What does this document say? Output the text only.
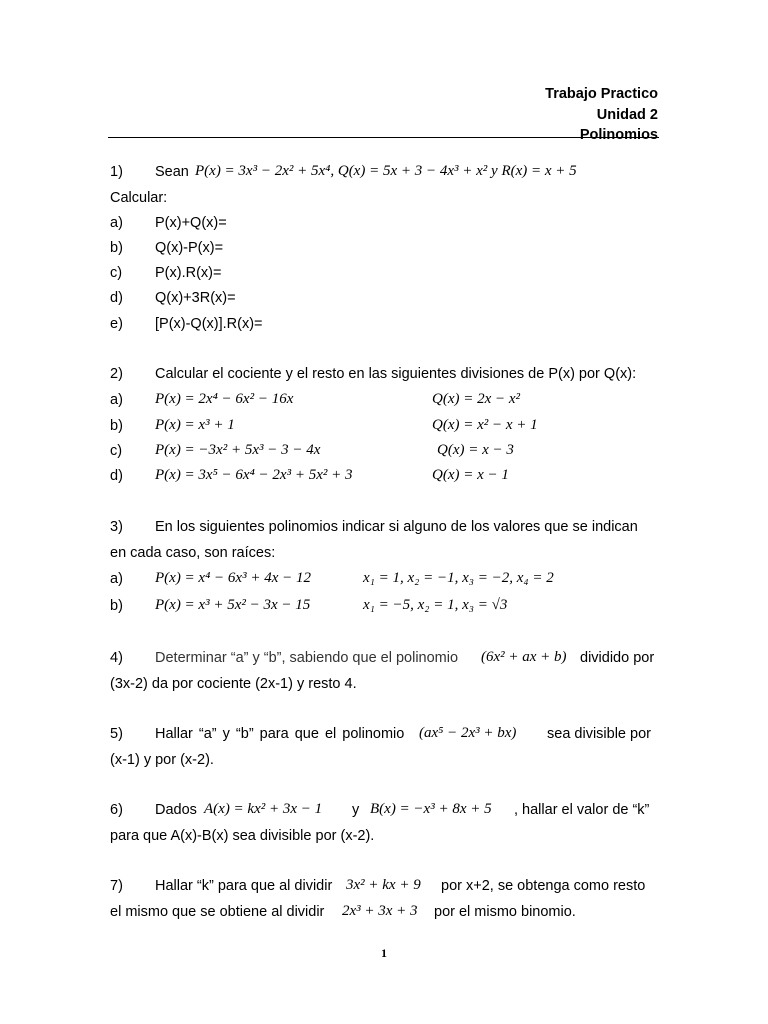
Trabajo Practico
Unidad 2
Polinomios
1) Sean P(x) = 3x³ − 2x² + 5x⁴, Q(x) = 5x + 3 − 4x³ + x² y R(x) = x + 5
Calcular:
a) P(x)+Q(x)=
b) Q(x)-P(x)=
c) P(x).R(x)=
d) Q(x)+3R(x)=
e) [P(x)-Q(x)].R(x)=
2) Calcular el cociente y el resto en las siguientes divisiones de P(x) por Q(x):
a) P(x) = 2x⁴ − 6x² − 16x	Q(x) = 2x − x²
b) P(x) = x³ + 1	Q(x) = x² − x + 1
c) P(x) = −3x² + 5x³ − 3 − 4x	Q(x) = x − 3
d) P(x) = 3x⁵ − 6x⁴ − 2x³ + 5x² + 3	Q(x) = x − 1
3) En los siguientes polinomios indicar si alguno de los valores que se indican
en cada caso, son raíces:
a) P(x) = x⁴ − 6x³ + 4x − 12	x₁ = 1, x₂ = −1, x₃ = −2, x₄ = 2
b) P(x) = x³ + 5x² − 3x − 15	x₁ = −5, x₂ = 1, x₃ = √3
4) Determinar “a” y “b”, sabiendo que el polinomio (6x² + ax + b) dividido por
(3x-2) da por cociente (2x-1) y resto 4.
5) Hallar “a” y “b” para que el polinomio (ax⁵ − 2x³ + bx) sea divisible por
(x-1) y por (x-2).
6) Dados A(x) = kx² + 3x − 1 y B(x) = −x³ + 8x + 5 , hallar el valor de “k”
para que A(x)-B(x) sea divisible por (x-2).
7) Hallar “k” para que al dividir 3x² + kx + 9 por x+2, se obtenga como resto
el mismo que se obtiene al dividir 2x³ + 3x + 3 por el mismo binomio.
1
